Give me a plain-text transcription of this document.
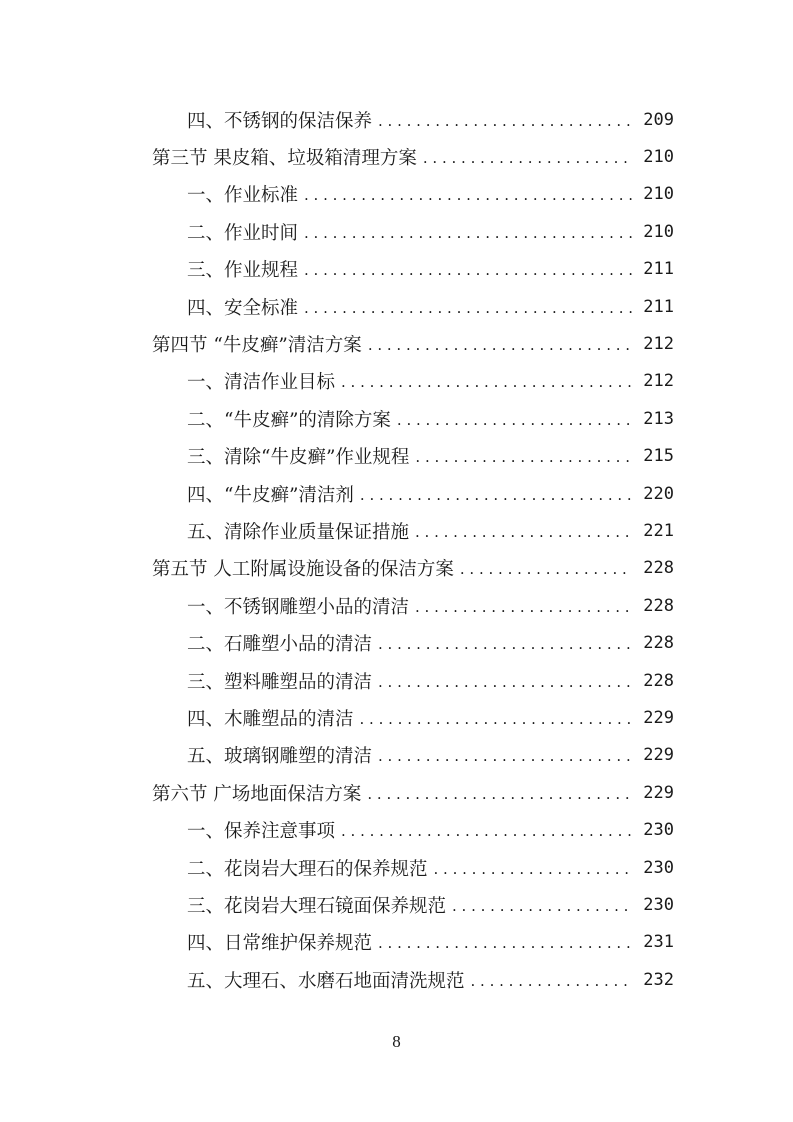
四、不锈钢的保洁保养 . . .	209
第三节 果皮箱、垃圾箱清理方案 . . .	210
一、作业标准 . . .	210
二、作业时间 . . .	210
三、作业规程 . . .	211
四、安全标准 . . .	211
第四节 “牛皮癣”清洁方案 . . .	212
一、清洁作业目标 . . .	212
二、“牛皮癣”的清除方案 . . .	213
三、清除“牛皮癣”作业规程 . . .	215
四、“牛皮癣”清洁剂 . . .	220
五、清除作业质量保证措施 . . .	221
第五节 人工附属设施设备的保洁方案 . . .	228
一、不锈钢雕塑小品的清洁 . . .	228
二、石雕塑小品的清洁 . . .	228
三、塑料雕塑品的清洁 . . .	228
四、木雕塑品的清洁 . . .	229
五、玻璃钢雕塑的清洁 . . .	229
第六节 广场地面保洁方案 . . .	229
一、保养注意事项 . . .	230
二、花岗岩大理石的保养规范 . . .	230
三、花岗岩大理石镜面保养规范 . . .	230
四、日常维护保养规范 . . .	231
五、大理石、水磨石地面清洗规范 . . .	232
8
